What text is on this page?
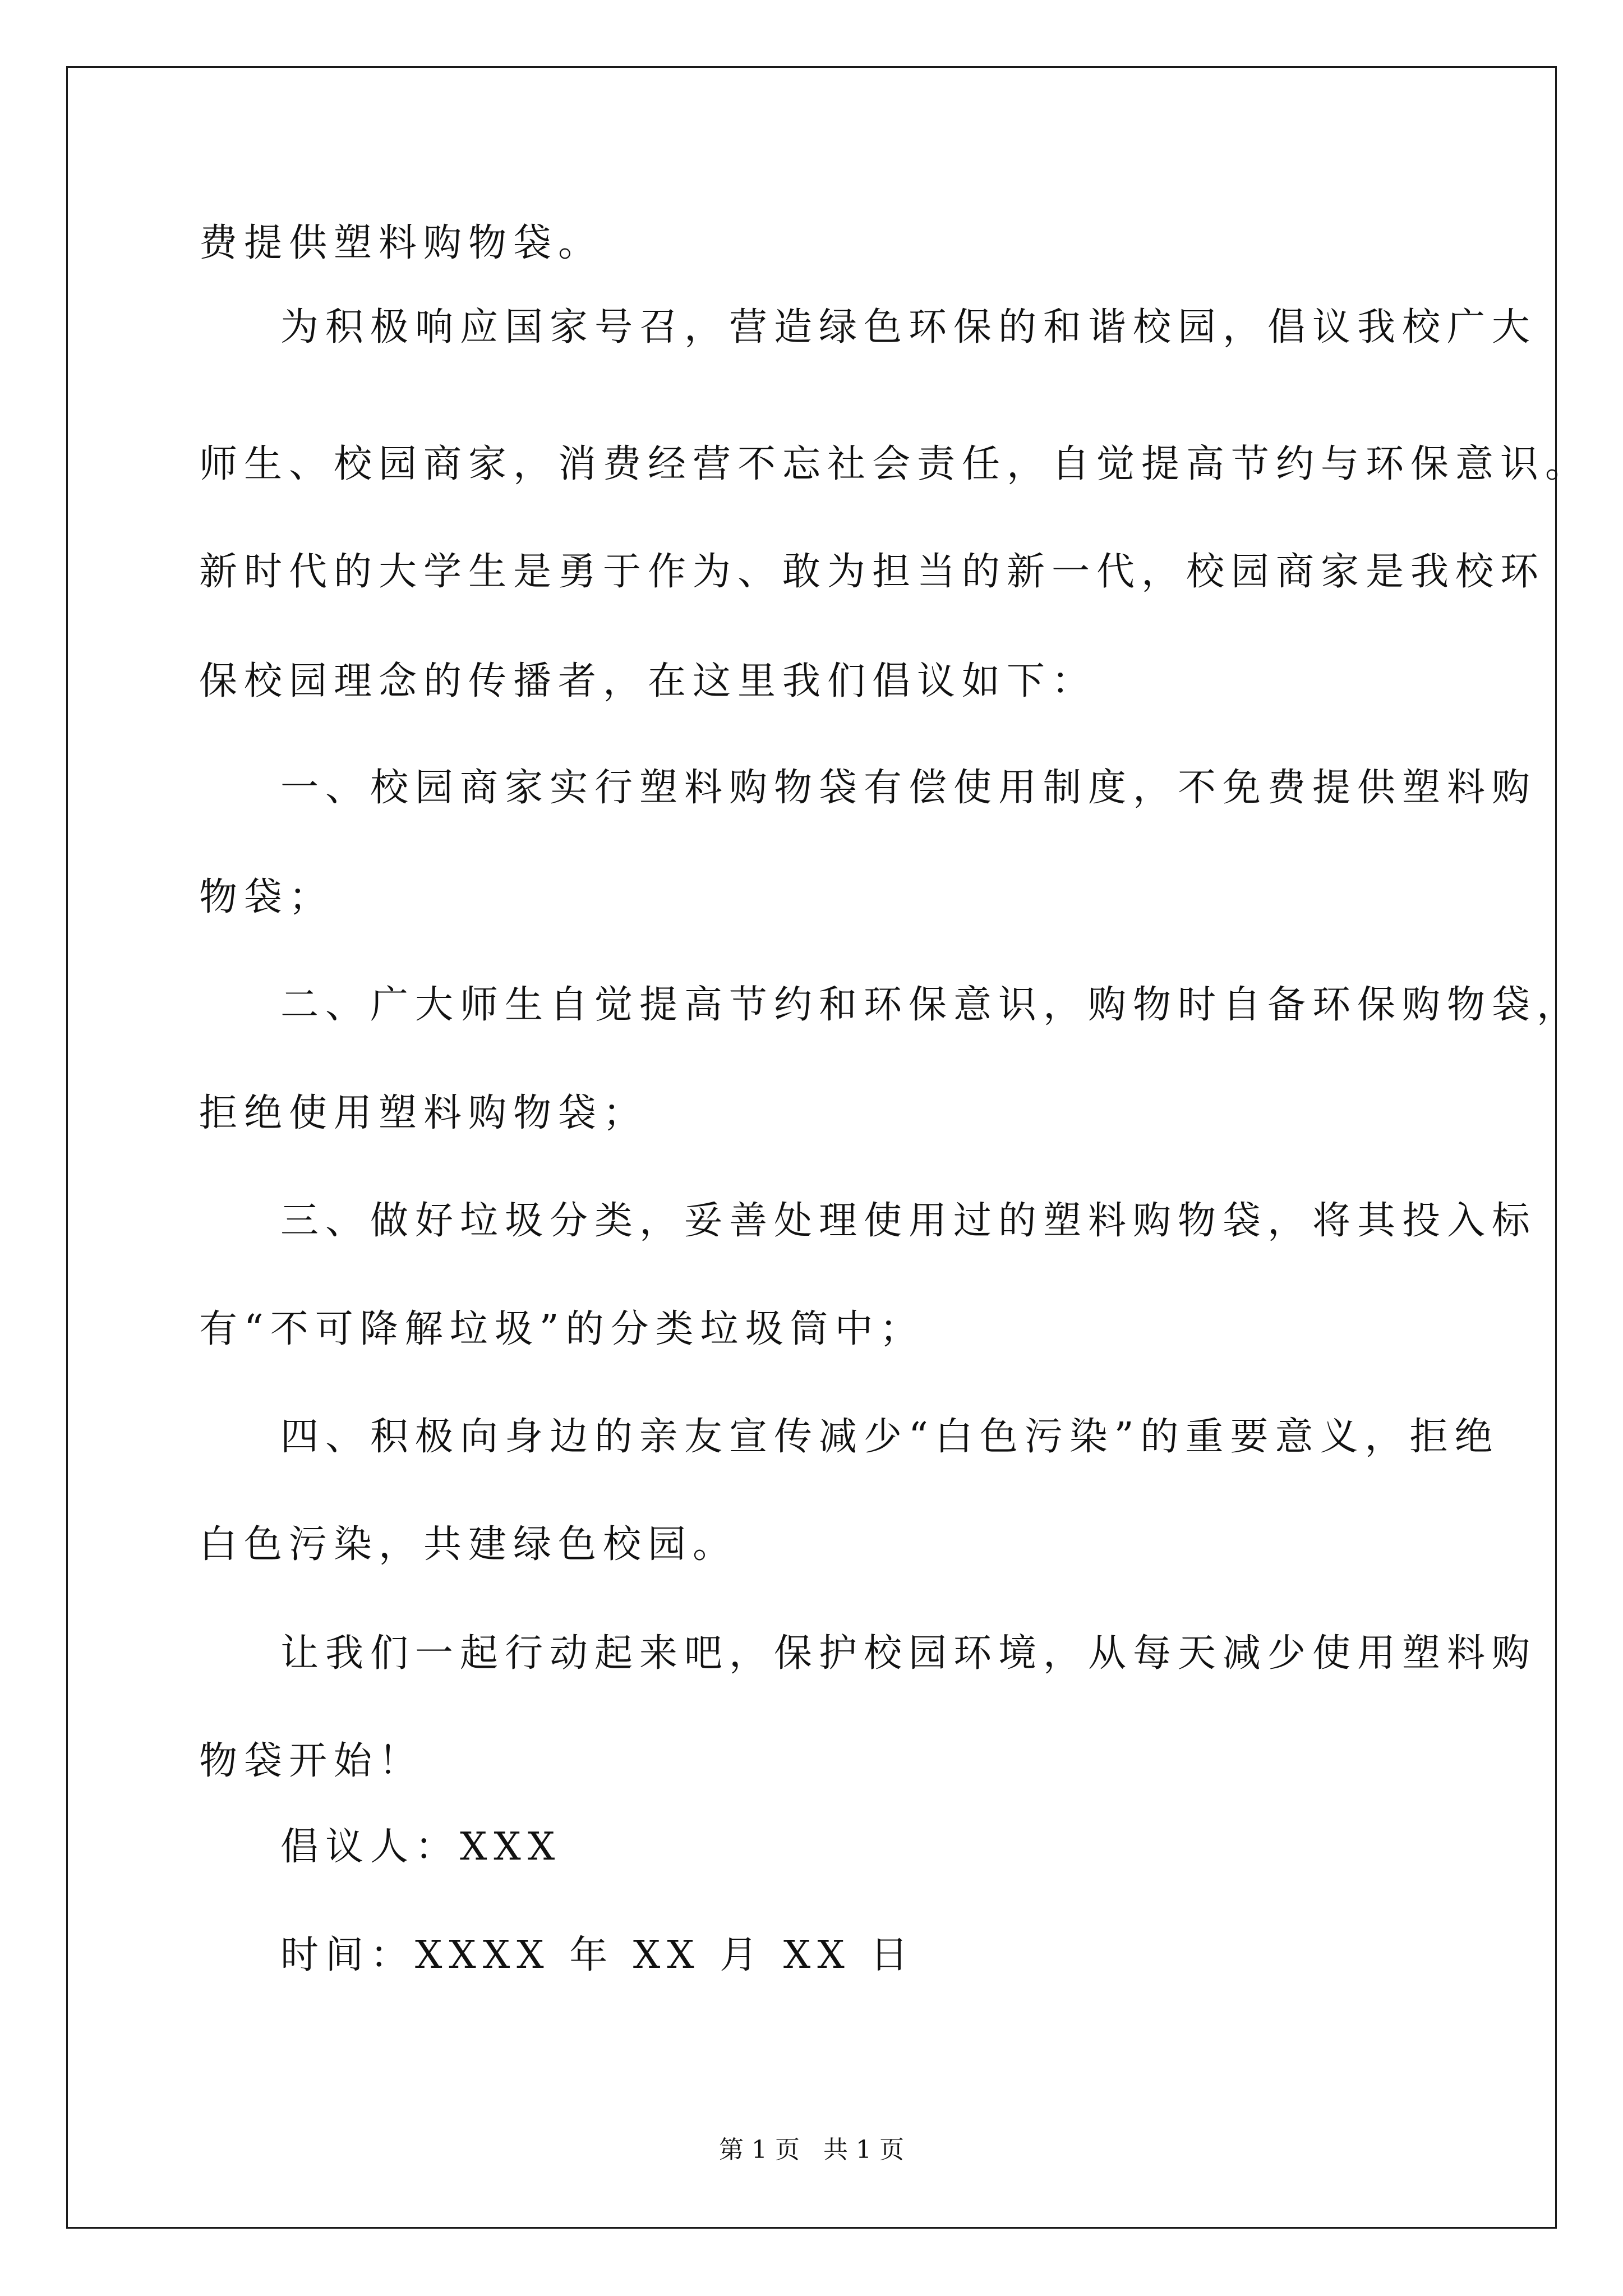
费提供塑料购物袋。

为积极响应国家号召，营造绿色环保的和谐校园，倡议我校广大

师生、校园商家，消费经营不忘社会责任，自觉提高节约与环保意识。

新时代的大学生是勇于作为、敢为担当的新一代，校园商家是我校环

保校园理念的传播者，在这里我们倡议如下：

一、校园商家实行塑料购物袋有偿使用制度，不免费提供塑料购

物袋；

二、广大师生自觉提高节约和环保意识，购物时自备环保购物袋，

拒绝使用塑料购物袋；

三、做好垃圾分类，妥善处理使用过的塑料购物袋，将其投入标

有“不可降解垃圾”的分类垃圾筒中；

四、积极向身边的亲友宣传减少“白色污染”的重要意义，拒绝

白色污染，共建绿色校园。

让我们一起行动起来吧，保护校园环境，从每天减少使用塑料购

物袋开始！

倡议人：XXX

时间：XXXX 年 XX 月 XX 日

第 1 页   共 1 页
